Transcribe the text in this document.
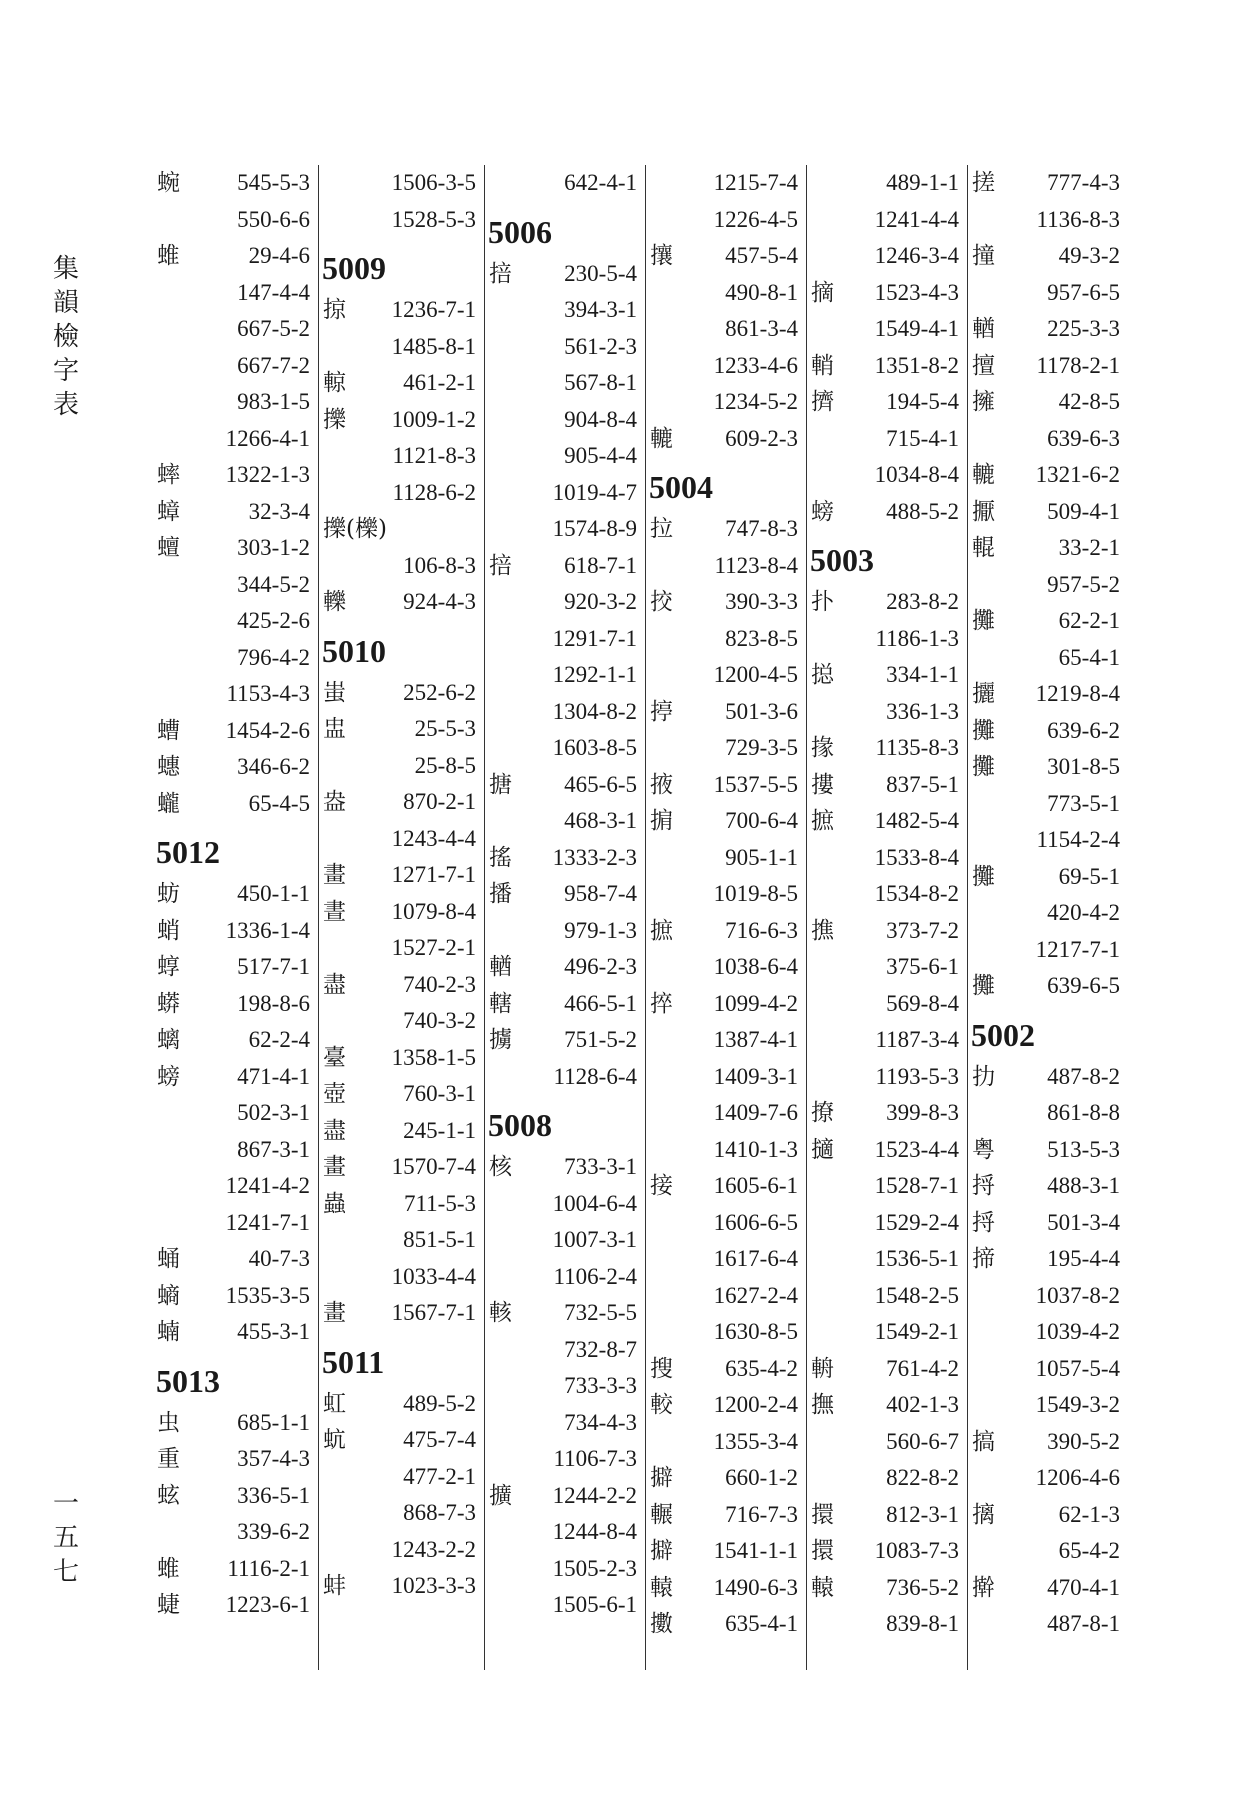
集
韻
檢
字
表
一
五
七
蜿 545-5-3
550-6-6
蜼	29-4-6
147-4-4
667-5-2
667-7-2
983-1-5
1266-4-1
蟀 1322-1-3
蟑	32-3-4
蟺 303-1-2
344-5-2
425-2-6
796-4-2
1153-4-3
螬 1454-2-6
蟪 346-6-2
蠬	65-4-5
5012
蚄 450-1-1
蛸 1336-1-4
蜳 517-7-1
蟒 198-8-6
螭	62-2-4
螃 471-4-1
502-3-1
867-3-1
1241-4-2
1241-7-1
蛹	40-7-3
螪 1535-3-5
蝻 455-3-1
5013
虫 685-1-1
重 357-4-3
蚿 336-5-1
339-6-2
蜼 1116-2-1
蜨 1223-6-1
1506-3-5
1528-5-3
5009
掠 1236-7-1
1485-8-1
輬 461-2-1
擽 1009-1-2
1121-8-3
1128-6-2
擽(櫟)
106-8-3
轢 924-4-3
5010
蚩 252-6-2
盅	25-5-3
25-8-5
盎 870-2-1
1243-4-4
畫 1271-7-1
晝 1079-8-4
1527-2-1
盡 740-2-3
740-3-2
臺 1358-1-5
壺 760-3-1
盡 245-1-1
畫 1570-7-4
蟲	711-5-3
851-5-1
1033-4-4
畫 1567-7-1
5011
虹 489-5-2
蚢 475-7-4
477-2-1
868-7-3
1243-2-2
蚌 1023-3-3
642-4-1
5006
掊 230-5-4
394-3-1
561-2-3
567-8-1
904-8-4
905-4-4
1019-4-7
1574-8-9
掊 618-7-1
920-3-2
1291-7-1
1292-1-1
1304-8-2
1603-8-5
搪 465-6-5
468-3-1
搖 1333-2-3
播 958-7-4
979-1-3
輶 496-2-3
轄 466-5-1
擄 751-5-2
1128-6-4
5008
核 733-3-1
1004-6-4
1007-3-1
1106-2-4
輆 732-5-5
732-8-7
733-3-3
734-4-3
1106-7-3
擴 1244-2-2
1244-8-4
1505-2-3
1505-6-1
1215-7-4
1226-4-5
攘 457-5-4
490-8-1
861-3-4
1233-4-6
1234-5-2
轆 609-2-3
5004
拉 747-8-3
1123-8-4
挍 390-3-3
823-8-5
1200-4-5
揨 501-3-6
729-3-5
掖 1537-5-5
掮 700-6-4
905-1-1
1019-8-5
摭 716-6-3
1038-6-4
捽 1099-4-2
1387-4-1
1409-3-1
1409-7-6
1410-1-3
接 1605-6-1
1606-6-5
1617-6-4
1627-2-4
1630-8-5
搜 635-4-2
較 1200-2-4
1355-3-4
擗 660-1-2
輾 716-7-3
擗 1541-1-1
轅 1490-6-3
擻 635-4-1
489-1-1
1241-4-4
1246-3-4
摘 1523-4-3
1549-4-1
輎 1351-8-2
擠 194-5-4
715-4-1
1034-8-4
螃 488-5-2
5003
扑 283-8-2
1186-1-3
搃 334-1-1
336-1-3
掾 1135-8-3
摟 837-5-1
摭 1482-5-4
1533-8-4
1534-8-2
撨 373-7-2
375-6-1
569-8-4
1187-3-4
1193-5-3
撩 399-8-3
擿 1523-4-4
1528-7-1
1529-2-4
1536-5-1
1548-2-5
1549-2-1
輈 761-4-2
撫 402-1-3
560-6-7
822-8-2
擐 812-3-1
擐 1083-7-3
轅 736-5-2
839-8-1
搓 777-4-3
1136-8-3
撞	49-3-2
957-6-5
輶 225-3-3
擅 1178-2-1
擁	42-8-5
639-6-3
轆 1321-6-2
擫 509-4-1
輥	33-2-1
957-5-2
攤	62-2-1
65-4-1
攦 1219-8-4
攤 639-6-2
攤 301-8-5
773-5-1
1154-2-4
攤	69-5-1
420-4-2
1217-7-1
攤 639-6-5
5002
扐 487-8-2
861-8-8
粤 513-5-3
捋 488-3-1
捋 501-3-4
揥 195-4-4
1037-8-2
1039-4-2
1057-5-4
1549-3-2
搞 390-5-2
1206-4-6
摛	62-1-3
65-4-2
擀 470-4-1
487-8-1
